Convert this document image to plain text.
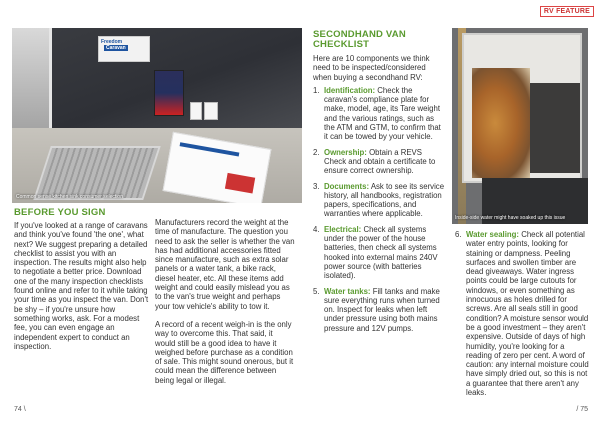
RV FEATURE
FreedomCaravan
Common sense kitchen sink consumer selection
Inside-side water might have soaked up this issue
BEFORE YOU SIGN

If you've looked at a range of caravans and think you've found 'the one', what next? We suggest preparing a detailed checklist to assist you with an inspection. The results might also help to negotiate a better price. Download one of the many inspection checklists found online and refer to it while taking your time as you inspect the van. Don't be shy – if you're unsure how something works, ask. For a modest fee, you can even engage an independent expert to conduct an inspection.

Manufacturers record the weight at the time of manufacture. The question you need to ask the seller is whether the van has had additional accessories fitted since manufacture, such as extra solar panels or a water tank, a bike rack, diesel heater, etc. All these items add weight and could easily mislead you as to the van's true weight and perhaps your tow vehicle's ability to tow it.

A record of a recent weigh-in is the only way to overcome this. That said, it would still be a good idea to have it weighed before purchase as a condition of sale. This might sound onerous, but it could mean the difference between being legal or illegal.

SECONDHAND VAN CHECKLIST

Here are 10 components we think need to be inspected/considered when buying a secondhand RV:

1. Identification: Check the caravan's compliance plate for make, model, age, its Tare weight and the various ratings, such as the ATM and GTM, to confirm that it can be towed by your vehicle.
2. Ownership: Obtain a REVS Check and obtain a certificate to ensure correct ownership.
3. Documents: Ask to see its service history, all handbooks, registration papers, specifications, and warranties where applicable.
4. Electrical: Check all systems under the power of the house batteries, then check all systems hooked into external mains 240V power source (with batteries isolated).
5. Water tanks: Fill tanks and make sure everything runs when turned on. Inspect for leaks when left under pressure using both mains pressure and 12V pumps.
6. Water sealing: Check all potential water entry points, looking for staining or dampness. Peeling surfaces and swollen timber are dead giveaways. Water ingress points could be large cutouts for windows, or even something as innocuous as holes drilled for screws. Are all seals still in good condition? A moisture sensor would be a good investment – they aren't expensive. Outside of days of high humidity, you're looking for a reading of zero per cent. A word of caution: any internal moisture could have simply dried out, so this is not a guarantee that there aren't any leaks.
74 \	/ 75
